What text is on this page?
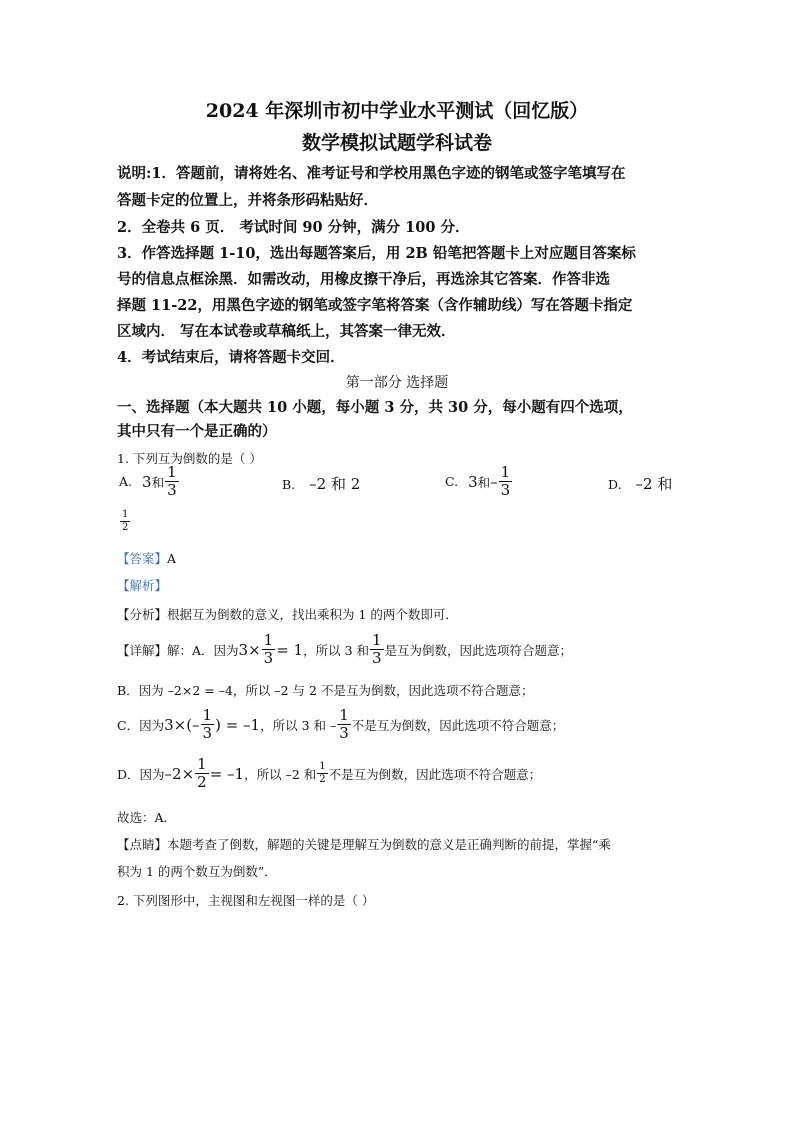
2024 年深圳市初中学业水平测试（回忆版）
数学模拟试题学科试卷
说明:1．答题前，请将姓名、准考证号和学校用黑色字迹的钢笔或签字笔填写在
答题卡定的位置上，并将条形码粘贴好．
2．全卷共 6 页． 考试时间 90 分钟，满分 100 分．
3．作答选择题 1-10，选出每题答案后，用 2B 铅笔把答题卡上对应题目答案标
号的信息点框涂黑．如需改动，用橡皮擦干净后，再选涂其它答案．作答非选
择题 11-22，用黑色字迹的钢笔或签字笔将答案（含作辅助线）写在答题卡指定
区域内． 写在本试卷或草稿纸上，其答案一律无效．
4．考试结束后，请将答题卡交回．
第一部分 选择题
一、选择题（本大题共 10 小题，每小题 3 分，共 30 分，每小题有四个选项，
其中只有一个是正确的）
1. 下列互为倒数的是（ ）
A. 3 和 $\frac{1}{3}$	B. –2 和 2	C. 3 和 – $\frac{1}{3}$	D. –2 和
$\frac{1}{2}$
【答案】A
【解析】
【分析】根据互为倒数的意义，找出乘积为 1 的两个数即可．
【详解】解：A．因为 $3\times \frac{1}{3} = 1$ ，所以 3 和 $\frac{1}{3}$ 是互为倒数，因此选项符合题意；
B．因为 –2×2 = –4，所以 –2 与 2 不是互为倒数，因此选项不符合题意；
C．因为 $3\times(- \frac{1}{3}$ ) = –1 ，所以 3 和 – $\frac{1}{3}$ 不是互为倒数，因此选项不符合题意；
D．因为 $-2\times \frac{1}{2} = -1$ ，所以 –2 和 $\frac{1}{2}$ 不是互为倒数，因此选项不符合题意；
故选：A．
【点睛】本题考查了倒数，解题的关键是理解互为倒数的意义是正确判断的前提，掌握“乘
积为 1 的两个数互为倒数”．
2. 下列图形中，主视图和左视图一样的是（ ）
